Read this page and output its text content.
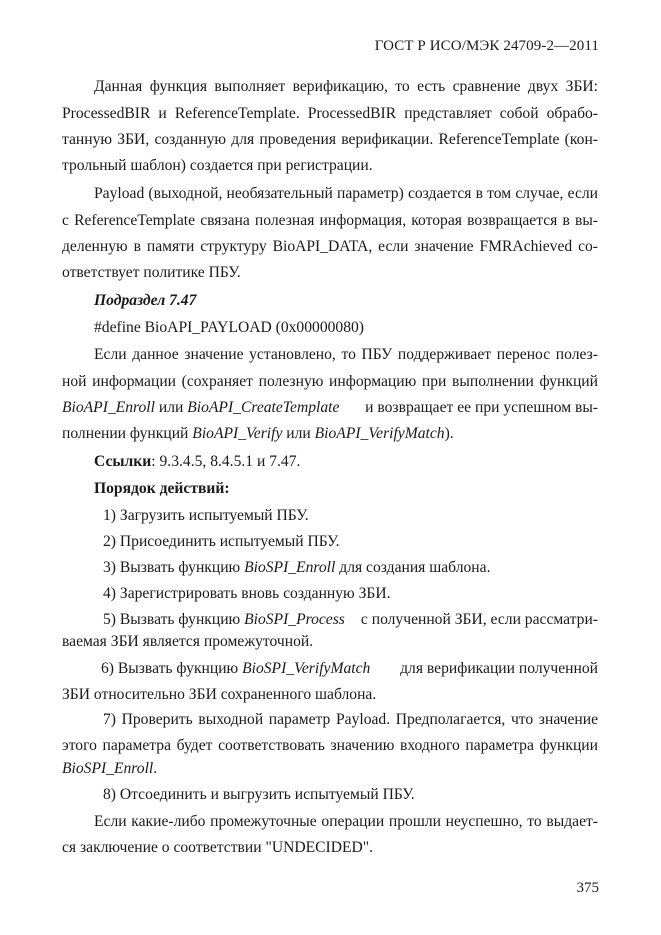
ГОСТ Р ИСО/МЭК 24709-2—2011
Данная функция выполняет верификацию, то есть сравнение двух ЗБИ:
ProcessedBIR и ReferenceTemplate. ProcessedBIR представляет собой обрабо-
танную ЗБИ, созданную для проведения верификации. ReferenceTemplate (кон-
трольный шаблон) создается при регистрации.
Payload (выходной, необязательный параметр) создается в том случае, если
с ReferenceTemplate связана полезная информация, которая возвращается в вы-
деленную в памяти структуру BioAPI_DATA, если значение FMRAchieved со-
ответствует политике ПБУ.
Подраздел 7.47
#define BioAPI_PAYLOAD (0x00000080)
Если данное значение установлено, то ПБУ поддерживает перенос полез-
ной информации (сохраняет полезную информацию при выполнении функций
BioAPI_Enroll или BioAPI_CreateTemplate и возвращает ее при успешном вы-
полнении функций BioAPI_Verify или BioAPI_VerifyMatch).
Ссылки: 9.3.4.5, 8.4.5.1 и 7.47.
Порядок действий:
1) Загрузить испытуемый ПБУ.
2) Присоединить испытуемый ПБУ.
3) Вызвать функцию BioSPI_Enroll для создания шаблона.
4) Зарегистрировать вновь созданную ЗБИ.
5) Вызвать функцию BioSPI_Process с полученной ЗБИ, если рассматри-
ваемая ЗБИ является промежуточной.
6) Вызвать фукнцию BioSPI_VerifyMatch для верификации полученной
ЗБИ относительно ЗБИ сохраненного шаблона.
7) Проверить выходной параметр Payload. Предполагается, что значение
этого параметра будет соответствовать значению входного параметра функции
BioSPI_Enroll.
8) Отсоединить и выгрузить испытуемый ПБУ.
Если какие-либо промежуточные операции прошли неуспешно, то выдает-
ся заключение о соответствии "UNDECIDED".
375
